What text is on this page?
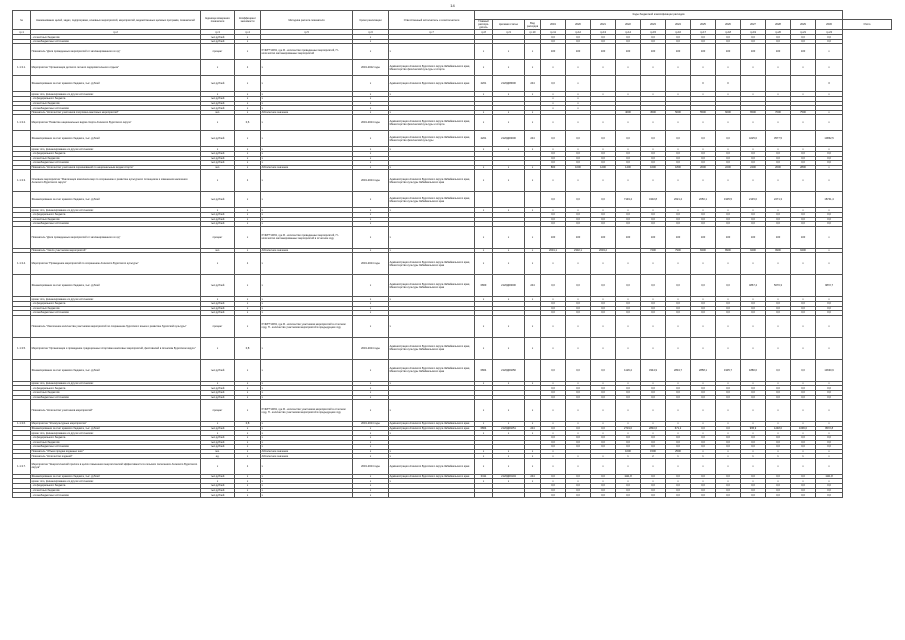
14
№	Наименование целей, задач, подпрограмм, основных мероприятий, мероприятий, ведомственных целевых программ, показателей	Единица измерения показателя	Коэффициент значимости	Методика расчета показателя	Сроки реализации	Ответственный исполнитель и соисполнители	Коды бюджетной классификации расходов															
							Главный распоря-дитель	Целевая статья	Вид расходов	2019	2020	2021	2022	2023	2024	2025	2026	2027	2028	2029	2030	Итого
гр.1	гр.2	гр.3	гр.4	гр.5	гр.6	гр.7	гр.8	гр.9	гр.10	гр.11	гр.12	гр.13	гр.14	гр.15	гр.16	гр.17	гр.18	гр.19	гр.20	гр.21	гр.22	
	- из местных бюджетов	тыс.рублей	х		х					0,0	0,0	0,0	0,0	0,0	0,0	0,0	0,0	0,0	0,0	0,0	0,0	
	- из внебюджетных источников	тыс.рублей	х		х					0,0	0,0	0,0	0,0	0,0	0,0	0,0	0,0	0,0	0,0	0,0	0,0	
	Показатель "Доля проведенных мероприятий от запланированного в год"	процент	х	Р=Ф/П*100%, где Ф - количество проведенных мероприятий, П - количество запланированных мероприятий	х	х	х	х	х	100	100	100	100	100	100	100	100	100	100	100	х	
1.1.3.1.	Мероприятие "Организация детского летнего оздоровительного отдыха"	х	1	х	2019-2022 годы	Администрация Агинского Бурятского округа Забайкальского края, Министерство физической культуры и спорта	х	х	х	х	х	х	х	х	х	х	х	х	х	х	х	
	Финансирование за счет краевого бюджета, тыс. рублей	тыс.рублей	х	х	х	Администрация Агинского Бурятского округа Забайкальского края	2201	2120Д08000	244	0,0	х					0	0				0	
	кроме того, финансирование из других источников:	х	х	х	х	х	х	х	х	х	х	х	х	х	х	х	х	х	х	х	х	
	- из федерального бюджета	тыс.рублей	х	х	х					х	х											
	- из местных бюджетов	тыс.рублей	х	х	х					х	х											
	- из внебюджетных источников	тыс.рублей	х	х	х					х	х											
	Показатель "Количество участников спортивно-массовых мероприятий"	чел.	х	Абсолютное значение	х	х	х	х	х				4000	4500	5000	5500	6000	6500	7000	7500	х	
1.1.3.2.	Мероприятие "Развитие национальных видов спорта Агинского Бурятского округа"	х	0,6	х	2019-2024 годы	Администрация Агинского Бурятского округа Забайкальского края, Министерство физической культуры и спорта	х	х	х	х	х	х	х	х	х	х	х	х	х	х	х	
	Финансирование за счет краевого бюджета, тыс. рублей	тыс.рублей	х	х	х	Администрация Агинского Бурятского округа Забайкальского края, Министерство физической культуры	2201	2120Д09000	244	0,0	0,0	0,0	0,0	0,0	0,0	0,0	0,0	4225,0	3577,5		10862,5	
	кроме того, финансирование из других источников:	х	х	х	х	х	х	х	х	х	х	х	х	х	х	х	х	х	х	х	х	
	- из федерального бюджета	тыс.рублей	х	х	х					0,0	0,0	0,0	0,0	0,0	0,0	0,0	0,0	0,0	0,0	0,0	0,0	
	- из местных бюджетов	тыс.рублей	х	х	х					0,0	0,0	0,0	0,0	0,0	0,0	0,0	0,0	0,0	0,0	0,0	0,0	
	- из внебюджетных источников	тыс.рублей	х	х	х					0,0	0,0	0,0	0,0	0,0	0,0	0,0	0,0	0,0	0,0	0,0	0,0	
	Показатель "Количество участников соревнований по национальным видам спорта"	чел.	х	Абсолютное значение	х	х	х	х	х	800	1000	1200	1400	1600	1800	2000	2200	2400	2600	2800	х	
1.1.3.3.	Основное мероприятие "Реализация комплекса мер по сохранению и развитию культурного потенциала и изменения населения Агинского Бурятского округа"	х	1	х	2019-2024 годы	Администрация Агинского Бурятского округа Забайкальского края, Министерство культуры Забайкальского края	х	х	х	х	х	х	х	х	х	х	х	х	х	х	х	
	Финансирование за счет краевого бюджета, тыс. рублей	тыс.рублей	х	х	х	Администрация Агинского Бурятского округа Забайкальского края, Министерство культуры Забайкальского края				0,0	0,0	0,0	7149,4	4332,8	2621,4	2050,1	1935,5	2145,0	2271,3		18741,4	
	кроме того, финансирование из других источников:	х	х	х	х	х	х	х	х	х	х	х	х	х	х	х	х	х	х	х	х	
	- из федерального бюджета	тыс.рублей	х	х	х					0,0	0,0	0,0	0,0	0,0	0,0	0,0	0,0	0,0	0,0	0,0	0,0	
	- из местных бюджетов	тыс.рублей	х	х	х					0,0	0,0	0,0	0,0	0,0	0,0	0,0	0,0	0,0	0,0	0,0	0,0	
	- из внебюджетных источников	тыс.рублей	х	х	х					0,0	0,0	0,0	0,0	0,0	0,0	0,0	0,0	0,0	0,0	0,0	0,0	
	Показатель "Доля проведенных мероприятий от запланированного в год"	процент	х	Р=Ф/П*100%, где Ф - количество проведенных мероприятий, П - количество запланированных мероприятий в отчетном году	х	х	х	х	х	100	100	100	100	100	100	100	100	100	100	100	х	
	Показатель "Число участников мероприятий"	чел.	х	Абсолютное значение	х	х	х	х	х	2001,1	2302,1	2603,2		7400	7900	8400	8900	9400	9900	9400	х	
1.1.3.4.	Мероприятие "Проведение мероприятий по сохранению Агинского Бурятского культуры"	х	1	х	2019-2024 годы	Администрация Агинского Бурятского округа Забайкальского края, Министерство культуры Забайкальского края	х	х	х	х	х	х	х	х	х	х	х	х	х	х	х	
	Финансирование за счет краевого бюджета, тыс. рублей	тыс.рублей	х	х	х	Администрация Агинского Бурятского округа Забайкальского края, Министерство культуры Забайкальского края	0809	2120Д09000	244	0,0	0,0	0,0	0,0	0,0	0,0	0,0	0,0	4867,4	5070,3		9872,7	
	кроме того, финансирование из других источников:	х	х	х	х	х	х	х	х	х	х	х	х	х	х	х	х	х	х	х	х	
	- из федерального бюджета	тыс.рублей	х	х	х					0,0	0,0	0,0	0,0	0,0	0,0	0,0	0,0	0,0	0,0	0,0	0,0	
	- из местных бюджетов	тыс.рублей	х	х	х					0,0	0,0	0,0	0,0	0,0	0,0	0,0	0,0	0,0	0,0	0,0	0,0	
	- из внебюджетных источников	тыс.рублей	х	х	х					0,0	0,0	0,0	0,0	0,0	0,0	0,0	0,0	0,0	0,0	0,0	0,0	
	Показатель "Увеличение количества участников мероприятий по сохранению бурятского языка и развитию бурятской культуры"	процент	х	Р=Ф/П*100%, где Ф - количество участников мероприятий в отчетном году, П - количество участников мероприятий в предыдущем году	х	х	х	х	х	х	х	х	х	х	х	х	х	х	х	х	х	
1.1.3.5.	Мероприятие "Организация и проведение традиционных спортивно-массовых мероприятий, фестивалей в Агинском Бурятском округе"	х	0,8	х	2019-2024 годы	Администрация Агинского Бурятского округа Забайкальского края, Министерство культуры Забайкальского края	х	х	х	х	х	х	х	х	х	х	х	х	х	х	х	
	Финансирование за счет краевого бюджета, тыс. рублей	тыс.рублей	х	х	х	Администрация Агинского Бурятского округа Забайкальского края, Министерство культуры Забайкальского края	0804	2120Д09250		0,0	0,0	0,0	1129,4	3344,9	2834,7	2858,1	1935,7	1880,0	0,0	0,0	13630,9	
	кроме того, финансирование из других источников:	х	х	х	х	х	х	х	х	х	х	х	х	х	х	х	х	х	х	х	х	
	- из федерального бюджета	тыс.рублей	х	х	х					0,0	0,0	0,0	0,0	0,0	0,0	0,0	0,0	0,0	0,0	0,0	0,0	
	- из местных бюджетов	тыс.рублей	х	х	х					0,0	0,0	0,0	0,0	0,0	0,0	0,0	0,0	0,0	0,0	0,0	0,0	
	- из внебюджетных источников	тыс.рублей	х	х	х					0,0	0,0	0,0	0,0	0,0	0,0	0,0	0,0	0,0	0,0	0,0	0,0	
	Показатель "Количество участников мероприятий"	процент	х	Р=Ф/П*100%, где Ф - количество участников мероприятий в отчетном году, П - количество участников мероприятий в предыдущем году	х	х	х	х	х	х	х	х	х	х	х	х	х	х	х	х	х	
1.1.3.6.	Мероприятие "Этнокультурные мероприятия"	х	0,8	х	2019-2024 годы	Администрация Агинского Бурятского округа Забайкальского края	х	х	х	х	х	х	х	х	х	х	х	х	х	х	х	
	Финансирование за счет краевого бюджета, тыс. рублей	тыс.рублей	х	х	х	Администрация Агинского Бурятского округа Забайкальского края	0804	2120Д09251	244	0,0	0,0	0,0	2719,0	2840,6	671,2	0,0	0,0	995,9	1248,0	1096,0	9572,8	
	кроме того, финансирование из других источников:	х	х	х	х	х	х	х	х	х	х	х	х	х	х	х	х	х	х	х	х	
	- из федерального бюджета	тыс.рублей	х	х	х					0,0	0,0	0,0	0,0	0,0	0,0	0,0	0,0	0,0	0,0	0,0	0,0	
	- из местных бюджетов	тыс.рублей	х	х	х					0,0	0,0	0,0	0,0	0,0	0,0	0,0	0,0	0,0	0,0	0,0	0,0	
	- из внебюджетных источников	тыс.рублей	х	х	х					0,0	0,0	0,0	0,0	0,0	0,0	0,0	0,0	0,0	0,0	0,0	0,0	
	Показатель "Объем продаж изданных книг"	экз.	х	Абсолютное значение	х	х	х	х	х	х			1000	1500	2500	х	х	х	х	х	х	
	Показатель "Количество изданий"	ед.	х	Абсолютное значение	х	х	х	х	х	х	х	х	1	2	1	1	х	1	1	1	х	
1.1.3.7.	Мероприятие "Энергетический пролога в целях повышения энергетической эффективности в сельских поселениях Агинского Бурятского округа"	х	1	х	2019-2024 годы	Администрация Агинского Бурятского округа Забайкальского края	х	х	х	х	х	х	х	х	х	х	х	х	х	х	х	
	Финансирование за счет краевого бюджета, тыс. рублей	тыс.рублей	х	х	х	Администрация Агинского Бурятского округа Забайкальского края	0411	2120Д09104	244	0,0	0,0	0,0	1111,8	0,0	0,0	0,0	0,0	0,0	0,0	0,0	1111,8	
	кроме того, финансирование из других источников:	х	х	х	х	х	х	х	х	х	х	х	х	х	х	х	х	х	х	х	х	
	- из федерального бюджета	тыс.рублей	х	х	х					0,0	0,0	0,0	0,0	0,0	0,0	0,0	0,0	0,0	0,0	0,0	0,0	
	- из местных бюджетов	тыс.рублей	х	х	х					0,0	0,0	0,0	0,0	0,0	0,0	0,0	0,0	0,0	0,0	0,0	0,0	
	- из внебюджетных источников	тыс.рублей	х	х	х					0,0	0,0	0,0	0,0	0,0	0,0	0,0	0,0	0,0	0,0	0,0	0,0	
